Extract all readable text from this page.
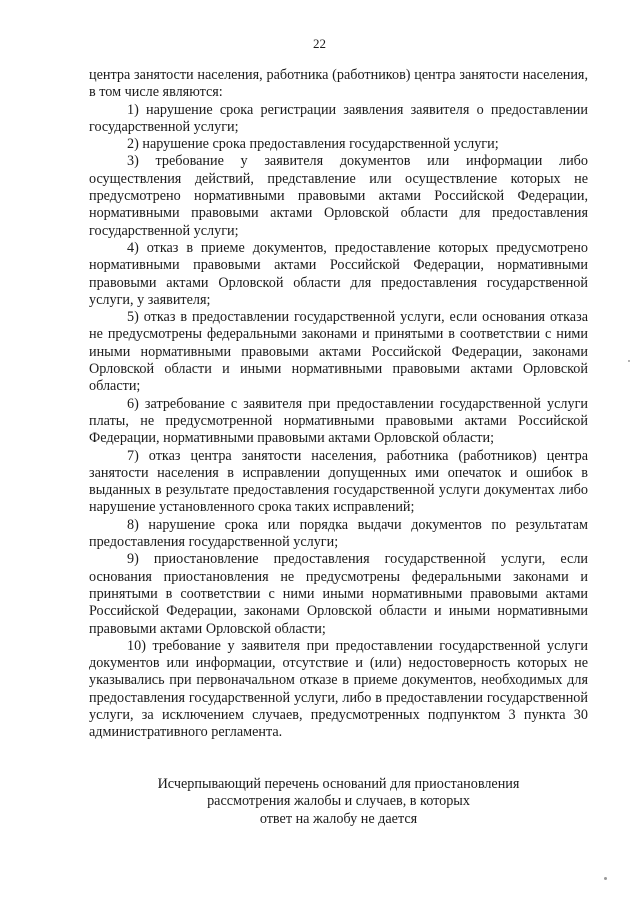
22

центра занятости населения, работника (работников) центра занятости населения, в том числе являются:

1) нарушение срока регистрации заявления заявителя о предоставлении государственной услуги;

2) нарушение срока предоставления государственной услуги;

3) требование у заявителя документов или информации либо осуществления действий, представление или осуществление которых не предусмотрено нормативными правовыми актами Российской Федерации, нормативными правовыми актами Орловской области для предоставления государственной услуги;

4) отказ в приеме документов, предоставление которых предусмотрено нормативными правовыми актами Российской Федерации, нормативными правовыми актами Орловской области для предоставления государственной услуги, у заявителя;

5) отказ в предоставлении государственной услуги, если основания отказа не предусмотрены федеральными законами и принятыми в соответствии с ними иными нормативными правовыми актами Российской Федерации, законами Орловской области и иными нормативными правовыми актами Орловской области;

6) затребование с заявителя при предоставлении государственной услуги платы, не предусмотренной нормативными правовыми актами Российской Федерации, нормативными правовыми актами Орловской области;

7) отказ центра занятости населения, работника (работников) центра занятости населения в исправлении допущенных ими опечаток и ошибок в выданных в результате предоставления государственной услуги документах либо нарушение установленного срока таких исправлений;

8) нарушение срока или порядка выдачи документов по результатам предоставления государственной услуги;

9) приостановление предоставления государственной услуги, если основания приостановления не предусмотрены федеральными законами и принятыми в соответствии с ними иными нормативными правовыми актами Российской Федерации, законами Орловской области и иными нормативными правовыми актами Орловской области;

10) требование у заявителя при предоставлении государственной услуги документов или информации, отсутствие и (или) недостоверность которых не указывались при первоначальном отказе в приеме документов, необходимых для предоставления государственной услуги, либо в предоставлении государственной услуги, за исключением случаев, предусмотренных подпунктом 3 пункта 30 административного регламента.

Исчерпывающий перечень оснований для приостановления
рассмотрения жалобы и случаев, в которых
ответ на жалобу не дается
